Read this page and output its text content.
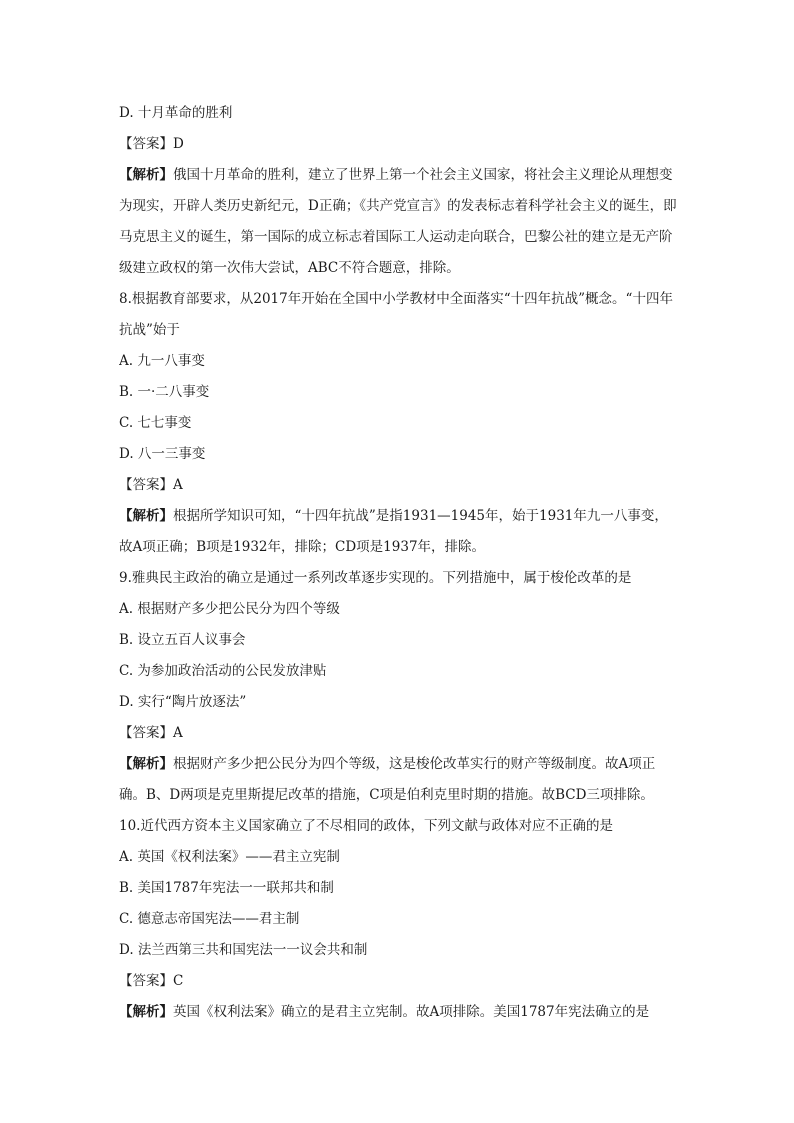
D. 十月革命的胜利
【答案】D

【解析】俄国十月革命的胜利，建立了世界上第一个社会主义国家，将社会主义理论从理想变为现实，开辟人类历史新纪元，D正确；《共产党宣言》的发表标志着科学社会主义的诞生，即马克思主义的诞生，第一国际的成立标志着国际工人运动走向联合，巴黎公社的建立是无产阶级建立政权的第一次伟大尝试，ABC不符合题意，排除。

8.根据教育部要求，从2017年开始在全国中小学教材中全面落实“十四年抗战”概念。“十四年抗战”始于

A. 九一八事变
B. 一·二八事变
C. 七七事变
D. 八一三事变
【答案】A

【解析】根据所学知识可知，“十四年抗战”是指1931—1945年，始于1931年九一八事变，故A项正确；B项是1932年，排除；CD项是1937年，排除。

9.雅典民主政治的确立是通过一系列改革逐步实现的。下列措施中，属于梭伦改革的是

A. 根据财产多少把公民分为四个等级
B. 设立五百人议事会
C. 为参加政治活动的公民发放津贴
D. 实行“陶片放逐法”
【答案】A

【解析】根据财产多少把公民分为四个等级，这是梭伦改革实行的财产等级制度。故A项正确。B、D两项是克里斯提尼改革的措施，C项是伯利克里时期的措施。故BCD三项排除。

10.近代西方资本主义国家确立了不尽相同的政体，下列文献与政体对应不正确的是

A. 英国《权利法案》——君主立宪制
B. 美国1787年宪法一一联邦共和制
C. 德意志帝国宪法——君主制
D. 法兰西第三共和国宪法一一议会共和制
【答案】C

【解析】英国《权利法案》确立的是君主立宪制。故A项排除。美国1787年宪法确立的是
